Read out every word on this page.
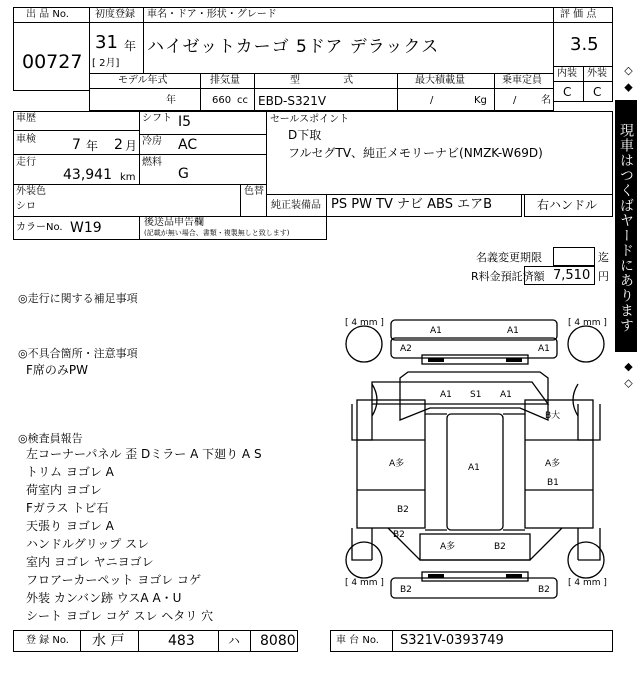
出 品 No.
00727
初度登録
31 年
[ 2月]
車名・ドア・形状・グレード
ハイゼットカーゴ 5ドア デラックス
評 価 点
3.5
内装 外装
C C
モデル年式
年
排気量
660 cc
型 式
EBD-S321V
最大積載量
/	Kg
乗車定員
/ 名
車歴
車検	7 年 2 月
走行
43,941 km
シフト I5
冷房 AC
燃料
G
外装色
シロ
色替
セールスポイント
D下取
フルセグTV、純正メモリーナビ(NMZK-W69D)
純正装備品 PS PW TV ナビ ABS エアB	右ハンドル
カラーNo. W19	後送品申告欄
(記載が無い場合、書類・複製無しと致します)
名義変更期限	迄
R料金預託済額 7,510 円
◎走行に関する補足事項
◎不具合箇所・注意事項
F席のみPW
◎検査員報告
左コーナーパネル 歪 Dミラー A 下廻り A S
トリム ヨゴレ A
荷室内 ヨゴレ
Fガラス トビ石
天張り ヨゴレ A
ハンドルグリップ スレ
室内 ヨゴレ ヤニヨゴレ
フロアーカーペット ヨゴレ コゲ
外装 カンバン跡 ウスA A・U
シート ヨゴレ コゲ スレ ヘタリ 穴
[ 4 mm ]	[ 4 mm ]
[ 4 mm ]	[ 4 mm ]
A1	A1
A2	A1
A1 S1 A1
B大
A多	A1	A多
B1
B2
B2
A多	B2
B2	B2
登 録 No. 水 戸	483	ハ 8080	車 台 No. S321V-0393749
◇ ◆
現車はつくばヤードにあります
◆ ◇
